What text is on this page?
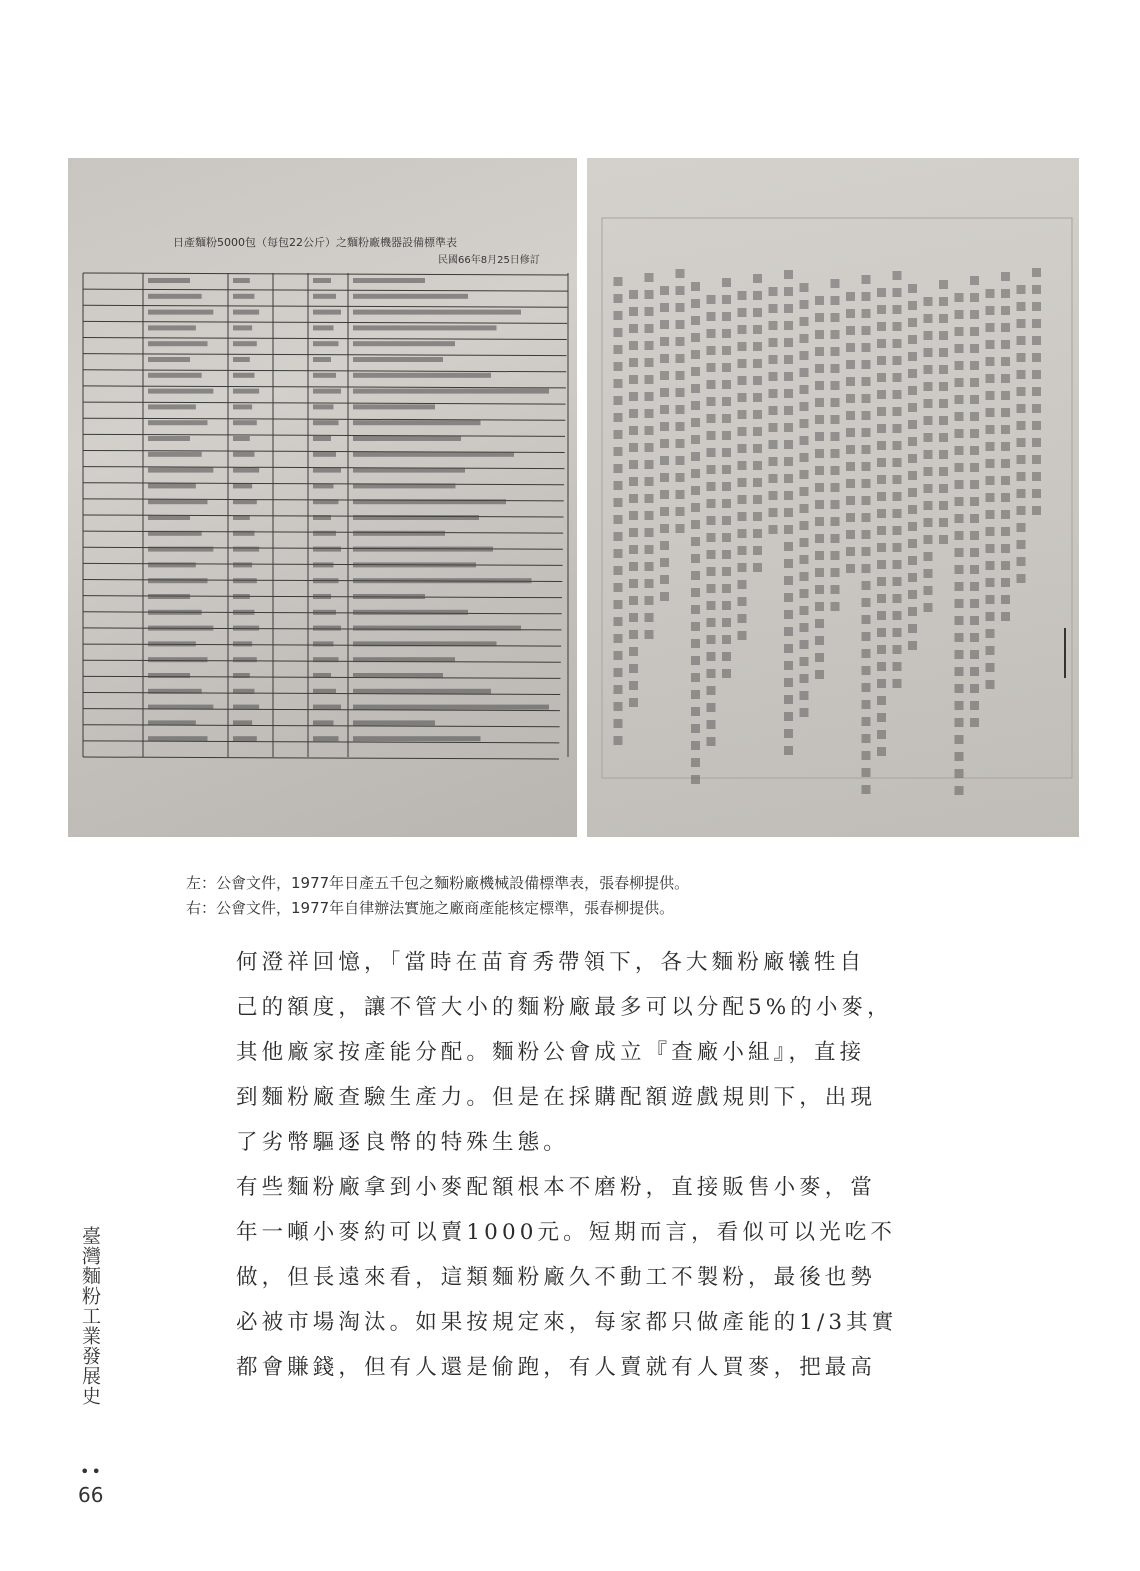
日產麵粉5000包（每包22公斤）之麵粉廠機器設備標準表
民國66年8月25日修訂
左：公會文件，1977年日產五千包之麵粉廠機械設備標準表，張春柳提供。
右：公會文件，1977年自律辦法實施之廠商產能核定標準，張春柳提供。
何澄祥回憶，「當時在苗育秀帶領下，各大麵粉廠犧牲自
己的額度，讓不管大小的麵粉廠最多可以分配5%的小麥，
其他廠家按產能分配。麵粉公會成立『查廠小組』，直接
到麵粉廠查驗生產力。但是在採購配額遊戲規則下，出現
了劣幣驅逐良幣的特殊生態。
有些麵粉廠拿到小麥配額根本不磨粉，直接販售小麥，當
年一噸小麥約可以賣1000元。短期而言，看似可以光吃不
做，但長遠來看，這類麵粉廠久不動工不製粉，最後也勢
必被市場淘汰。如果按規定來，每家都只做產能的1/3其實
都會賺錢，但有人還是偷跑，有人賣就有人買麥，把最高
臺灣麵粉工業發展史
••
66
